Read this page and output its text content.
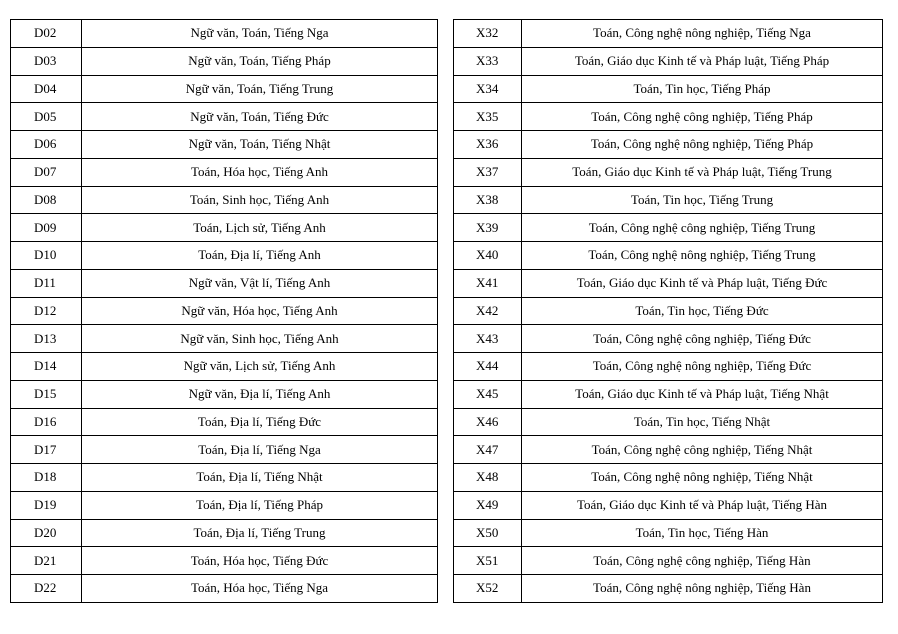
D02	Ngữ văn, Toán, Tiếng Nga
D03	Ngữ văn, Toán, Tiếng Pháp
D04	Ngữ văn, Toán, Tiếng Trung
D05	Ngữ văn, Toán, Tiếng Đức
D06	Ngữ văn, Toán, Tiếng Nhật
D07	Toán, Hóa học, Tiếng Anh
D08	Toán, Sinh học, Tiếng Anh
D09	Toán, Lịch sử, Tiếng Anh
D10	Toán, Địa lí, Tiếng Anh
D11	Ngữ văn, Vật lí, Tiếng Anh
D12	Ngữ văn, Hóa học, Tiếng Anh
D13	Ngữ văn, Sinh học, Tiếng Anh
D14	Ngữ văn, Lịch sử, Tiếng Anh
D15	Ngữ văn, Địa lí, Tiếng Anh
D16	Toán, Địa lí, Tiếng Đức
D17	Toán, Địa lí, Tiếng Nga
D18	Toán, Địa lí, Tiếng Nhật
D19	Toán, Địa lí, Tiếng Pháp
D20	Toán, Địa lí, Tiếng Trung
D21	Toán, Hóa học, Tiếng Đức
D22	Toán, Hóa học, Tiếng Nga
X32	Toán, Công nghệ nông nghiệp, Tiếng Nga
X33	Toán, Giáo dục Kinh tế và Pháp luật, Tiếng Pháp
X34	Toán, Tin học, Tiếng Pháp
X35	Toán, Công nghệ công nghiệp, Tiếng Pháp
X36	Toán, Công nghệ nông nghiệp, Tiếng Pháp
X37	Toán, Giáo dục Kinh tế và Pháp luật, Tiếng Trung
X38	Toán, Tin học, Tiếng Trung
X39	Toán, Công nghệ công nghiệp, Tiếng Trung
X40	Toán, Công nghệ nông nghiệp, Tiếng Trung
X41	Toán, Giáo dục Kinh tế và Pháp luật, Tiếng Đức
X42	Toán, Tin học, Tiếng Đức
X43	Toán, Công nghệ công nghiệp, Tiếng Đức
X44	Toán, Công nghệ nông nghiệp, Tiếng Đức
X45	Toán, Giáo dục Kinh tế và Pháp luật, Tiếng Nhật
X46	Toán, Tin học, Tiếng Nhật
X47	Toán, Công nghệ công nghiệp, Tiếng Nhật
X48	Toán, Công nghệ nông nghiệp, Tiếng Nhật
X49	Toán, Giáo dục Kinh tế và Pháp luật, Tiếng Hàn
X50	Toán, Tin học, Tiếng Hàn
X51	Toán, Công nghệ công nghiệp, Tiếng Hàn
X52	Toán, Công nghệ nông nghiệp, Tiếng Hàn
